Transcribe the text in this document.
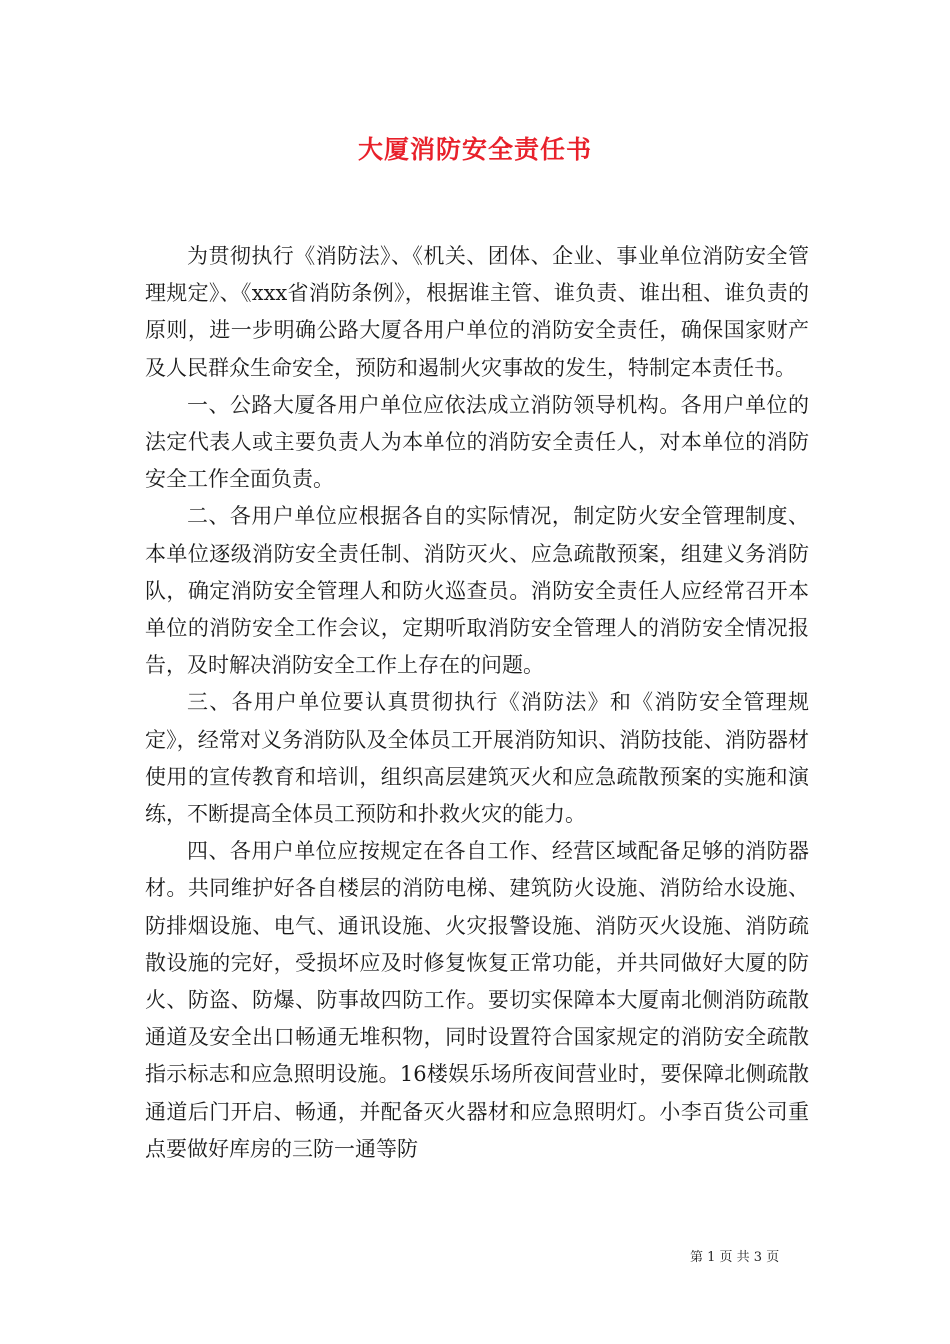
大厦消防安全责任书

为贯彻执行《消防法》、《机关、团体、企业、事业单位消防安全管理规定》、《xxx省消防条例》，根据谁主管、谁负责、谁出租、谁负责的原则，进一步明确公路大厦各用户单位的消防安全责任，确保国家财产及人民群众生命安全，预防和遏制火灾事故的发生，特制定本责任书。

一、公路大厦各用户单位应依法成立消防领导机构。各用户单位的法定代表人或主要负责人为本单位的消防安全责任人，对本单位的消防安全工作全面负责。

二、各用户单位应根据各自的实际情况，制定防火安全管理制度、本单位逐级消防安全责任制、消防灭火、应急疏散预案，组建义务消防队，确定消防安全管理人和防火巡查员。消防安全责任人应经常召开本单位的消防安全工作会议，定期听取消防安全管理人的消防安全情况报告，及时解决消防安全工作上存在的问题。

三、各用户单位要认真贯彻执行《消防法》和《消防安全管理规定》，经常对义务消防队及全体员工开展消防知识、消防技能、消防器材使用的宣传教育和培训，组织高层建筑灭火和应急疏散预案的实施和演练，不断提高全体员工预防和扑救火灾的能力。

四、各用户单位应按规定在各自工作、经营区域配备足够的消防器材。共同维护好各自楼层的消防电梯、建筑防火设施、消防给水设施、防排烟设施、电气、通讯设施、火灾报警设施、消防灭火设施、消防疏散设施的完好，受损坏应及时修复恢复正常功能，并共同做好大厦的防火、防盗、防爆、防事故四防工作。要切实保障本大厦南北侧消防疏散通道及安全出口畅通无堆积物，同时设置符合国家规定的消防安全疏散指示标志和应急照明设施。16楼娱乐场所夜间营业时，要保障北侧疏散通道后门开启、畅通，并配备灭火器材和应急照明灯。小李百货公司重点要做好库房的三防一通等防

第 1 页 共 3 页
